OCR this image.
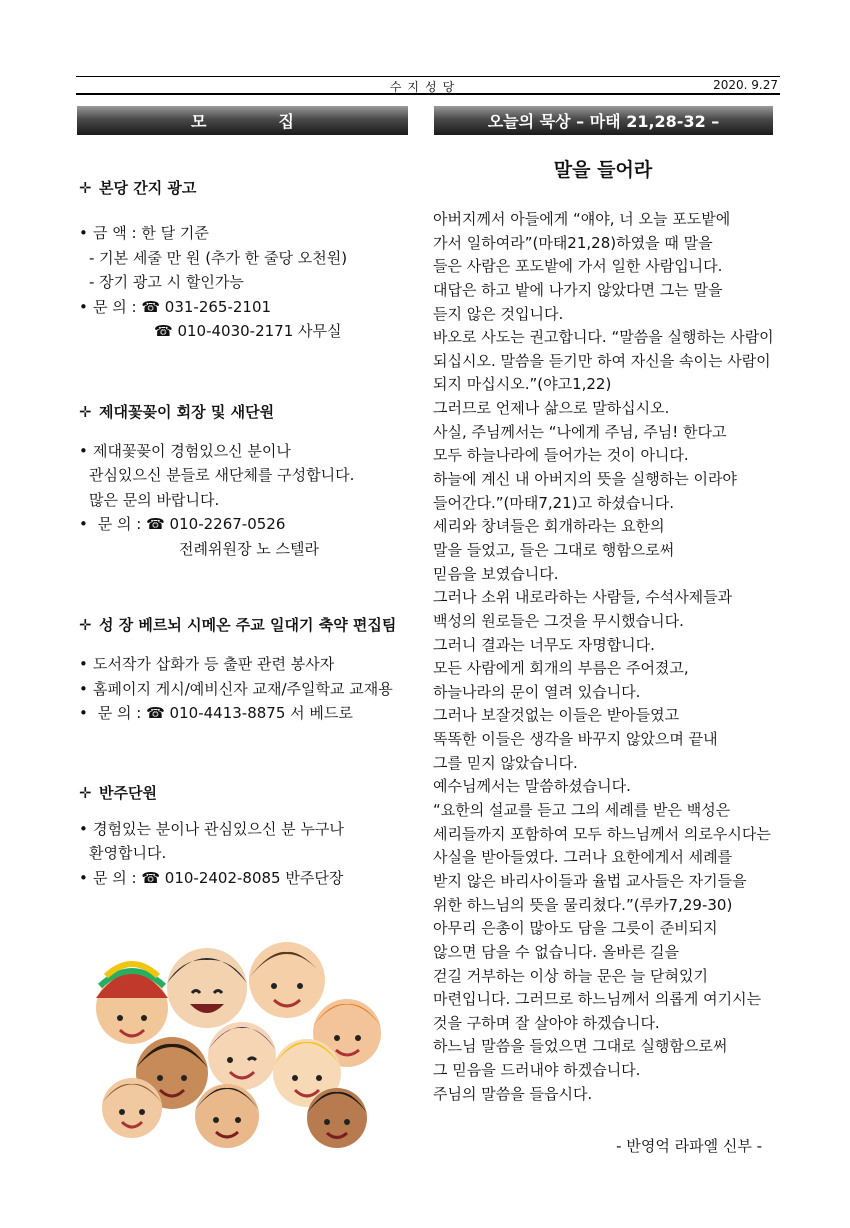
수지성당	2020. 9.27
모집	오늘의 묵상 – 마태 21,28-32 –
✛ 본당 간지 광고
• 금 액 : 한 달 기준
- 기본 세줄 만 원 (추가 한 줄당 오천원)
- 장기 광고 시 할인가능
• 문 의 : ☎ 031-265-2101
☎ 010-4030-2171 사무실
✛ 제대꽃꽂이 회장 및 새단원
• 제대꽃꽂이 경험있으신 분이나
관심있으신 분들로 새단체를 구성합니다.
많은 문의 바랍니다.
• 문 의 : ☎ 010-2267-0526
전례위원장 노 스텔라
✛ 성 장 베르뇌 시메온 주교 일대기 축약 편집팀
• 도서작가 삽화가 등 출판 관련 봉사자
• 홈페이지 게시/예비신자 교재/주일학교 교재용
• 문 의 : ☎ 010-4413-8875 서 베드로
✛ 반주단원
• 경험있는 분이나 관심있으신 분 누구나
환영합니다.
• 문 의 : ☎ 010-2402-8085 반주단장
말을 들어라
아버지께서 아들에게 “얘야, 너 오늘 포도밭에
가서 일하여라”(마태21,28)하였을 때 말을
들은 사람은 포도밭에 가서 일한 사람입니다.
대답은 하고 밭에 나가지 않았다면 그는 말을
듣지 않은 것입니다.
바오로 사도는 권고합니다. “말씀을 실행하는 사람이
되십시오. 말씀을 듣기만 하여 자신을 속이는 사람이
되지 마십시오.”(야고1,22)
그러므로 언제나 삶으로 말하십시오.
사실, 주님께서는 “나에게 주님, 주님! 한다고
모두 하늘나라에 들어가는 것이 아니다.
하늘에 계신 내 아버지의 뜻을 실행하는 이라야
들어간다.”(마태7,21)고 하셨습니다.
세리와 창녀들은 회개하라는 요한의
말을 들었고, 들은 그대로 행함으로써
믿음을 보였습니다.
그러나 소위 내로라하는 사람들, 수석사제들과
백성의 원로들은 그것을 무시했습니다.
그러니 결과는 너무도 자명합니다.
모든 사람에게 회개의 부름은 주어졌고,
하늘나라의 문이 열려 있습니다.
그러나 보잘것없는 이들은 받아들였고
똑똑한 이들은 생각을 바꾸지 않았으며 끝내
그를 믿지 않았습니다.
예수님께서는 말씀하셨습니다.
“요한의 설교를 듣고 그의 세례를 받은 백성은
세리들까지 포함하여 모두 하느님께서 의로우시다는
사실을 받아들였다. 그러나 요한에게서 세례를
받지 않은 바리사이들과 율법 교사들은 자기들을
위한 하느님의 뜻을 물리쳤다.”(루카7,29-30)
아무리 은총이 많아도 담을 그릇이 준비되지
않으면 담을 수 없습니다. 올바른 길을
걷길 거부하는 이상 하늘 문은 늘 닫혀있기
마련입니다. 그러므로 하느님께서 의롭게 여기시는
것을 구하며 잘 살아야 하겠습니다.
하느님 말씀을 들었으면 그대로 실행함으로써
그 믿음을 드러내야 하겠습니다.
주님의 말씀을 들읍시다.
- 반영억 라파엘 신부 -
